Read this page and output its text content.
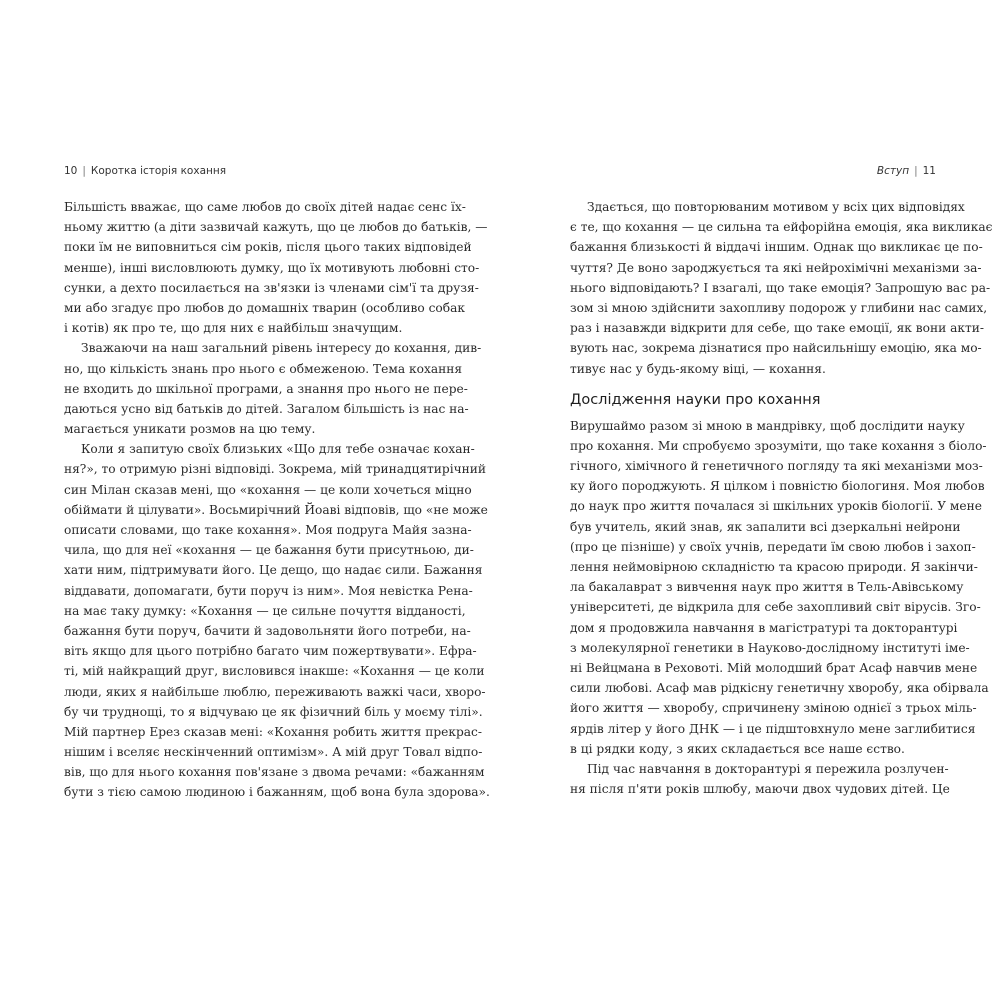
10 | Коротка історія кохання
Більшість вважає, що саме любов до своїх дітей надає сенс їх-
ньому життю (а діти зазвичай кажуть, що це любов до батьків, —
поки їм не виповниться сім років, після цього таких відповідей
менше), інші висловлюють думку, що їх мотивують любовні сто-
сунки, а дехто посилається на зв'язки із членами сім'ї та друзя-
ми або згадує про любов до домашніх тварин (особливо собак
і котів) як про те, що для них є найбільш значущим.
Зважаючи на наш загальний рівень інтересу до кохання, див-
но, що кількість знань про нього є обмеженою. Тема кохання
не входить до шкільної програми, а знання про нього не пере-
даються усно від батьків до дітей. Загалом більшість із нас на-
магається уникати розмов на цю тему.
Коли я запитую своїх близьких «Що для тебе означає кохан-
ня?», то отримую різні відповіді. Зокрема, мій тринадцятирічний
син Мілан сказав мені, що «кохання — це коли хочеться міцно
обіймати й цілувати». Восьмирічний Йоаві відповів, що «не може
описати словами, що таке кохання». Моя подруга Майя зазна-
чила, що для неї «кохання — це бажання бути присутньою, ди-
хати ним, підтримувати його. Це дещо, що надає сили. Бажання
віддавати, допомагати, бути поруч із ним». Моя невістка Рена-
на має таку думку: «Кохання — це сильне почуття відданості,
бажання бути поруч, бачити й задовольняти його потреби, на-
віть якщо для цього потрібно багато чим пожертвувати». Ефра-
ті, мій найкращий друг, висловився інакше: «Кохання — це коли
люди, яких я найбільше люблю, переживають важкі часи, хворо-
бу чи труднощі, то я відчуваю це як фізичний біль у моєму тілі».
Мій партнер Ерез сказав мені: «Кохання робить життя прекрас-
нішим і вселяє нескінченний оптимізм». А мій друг Товал відпо-
вів, що для нього кохання пов'язане з двома речами: «бажанням
бути з тією самою людиною і бажанням, щоб вона була здорова».
Вступ | 11
Здається, що повторюваним мотивом у всіх цих відповідях
є те, що кохання — це сильна та ейфорійна емоція, яка викликає
бажання близькості й віддачі іншим. Однак що викликає це по-
чуття? Де воно зароджується та які нейрохімічні механізми за-
нього відповідають? І взагалі, що таке емоція? Запрошую вас ра-
зом зі мною здійснити захопливу подорож у глибини нас самих,
раз і назавжди відкрити для себе, що таке емоції, як вони акти-
вують нас, зокрема дізнатися про найсильнішу емоцію, яка мо-
тивує нас у будь-якому віці, — кохання.
Дослідження науки про кохання
Вирушаймо разом зі мною в мандрівку, щоб дослідити науку
про кохання. Ми спробуємо зрозуміти, що таке кохання з біоло-
гічного, хімічного й генетичного погляду та які механізми моз-
ку його породжують. Я цілком і повністю біологиня. Моя любов
до наук про життя почалася зі шкільних уроків біології. У мене
був учитель, який знав, як запалити всі дзеркальні нейрони
(про це пізніше) у своїх учнів, передати їм свою любов і захоп-
лення неймовірною складністю та красою природи. Я закінчи-
ла бакалаврат з вивчення наук про життя в Тель-Авівському
університеті, де відкрила для себе захопливий світ вірусів. Зго-
дом я продовжила навчання в магістратурі та докторантурі
з молекулярної генетики в Науково-дослідному інституті іме-
ні Вейцмана в Реховоті. Мій молодший брат Асаф навчив мене
сили любові. Асаф мав рідкісну генетичну хворобу, яка обірвала
його життя — хворобу, спричинену зміною однієї з трьох міль-
ярдів літер у його ДНК — і це підштовхнуло мене заглибитися
в ці рядки коду, з яких складається все наше єство.
Під час навчання в докторантурі я пережила розлучен-
ня після п'яти років шлюбу, маючи двох чудових дітей. Це
